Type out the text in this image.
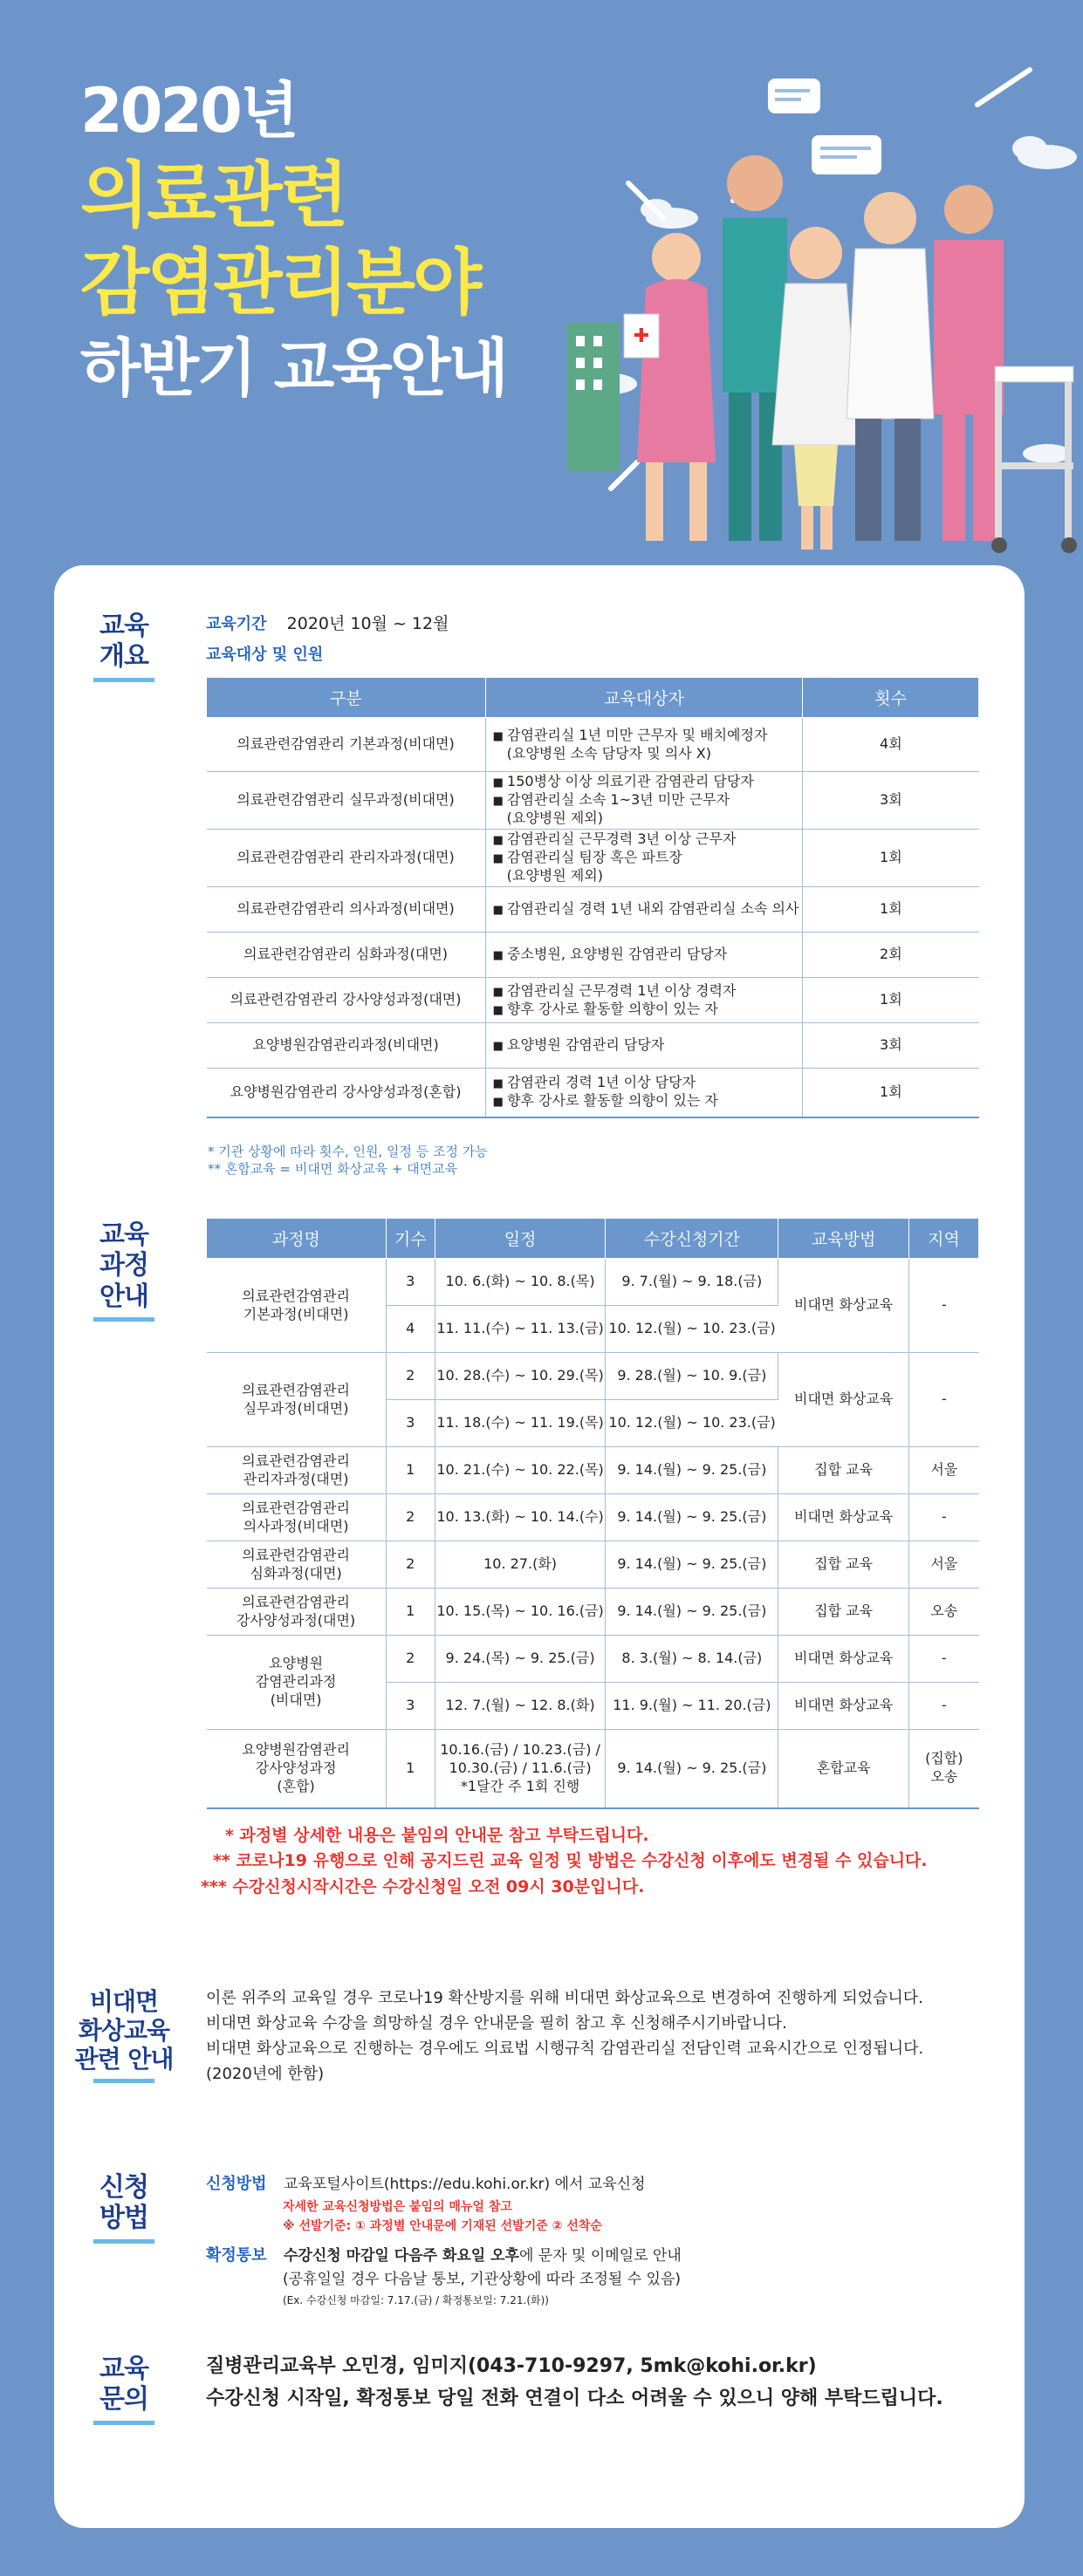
2020년
의료관련
감염관리분야
하반기 교육안내	✚
교육
개요
교육기간 2020년 10월 ~ 12월
교육대상 및 인원
구분	교육대상자	횟수
의료관련감염관리 기본과정(비대면)	■ 감염관리실 1년 미만 근무자 및 배치예정자
(요양병원 소속 담당자 및 의사 X)	4회
의료관련감염관리 실무과정(비대면)	■ 150병상 이상 의료기관 감염관리 담당자
■ 감염관리실 소속 1~3년 미만 근무자
(요양병원 제외)	3회
의료관련감염관리 관리자과정(대면)	■ 감염관리실 근무경력 3년 이상 근무자
■ 감염관리실 팀장 혹은 파트장
(요양병원 제외)	1회
의료관련감염관리 의사과정(비대면)	■ 감염관리실 경력 1년 내외 감염관리실 소속 의사	1회
의료관련감염관리 심화과정(대면)	■ 중소병원, 요양병원 감염관리 담당자	2회
의료관련감염관리 강사양성과정(대면)	■ 감염관리실 근무경력 1년 이상 경력자
■ 향후 강사로 활동할 의향이 있는 자	1회
요양병원감염관리과정(비대면)	■ 요양병원 감염관리 담당자	3회
요양병원감염관리 강사양성과정(혼합)	■ 감염관리 경력 1년 이상 담당자
■ 향후 강사로 활동할 의향이 있는 자	1회
* 기관 상황에 따라 횟수, 인원, 일정 등 조정 가능
** 혼합교육 = 비대면 화상교육 + 대면교육
교육
과정
안내
과정명	기수	일정	수강신청기간	교육방법	지역
의료관련감염관리
기본과정(비대면)	3	10. 6.(화) ~ 10. 8.(목)	9. 7.(월) ~ 9. 18.(금)	비대면 화상교육	-
	4	11. 11.(수) ~ 11. 13.(금)	10. 12.(월) ~ 10. 23.(금)		
의료관련감염관리
실무과정(비대면)	2	10. 28.(수) ~ 10. 29.(목)	9. 28.(월) ~ 10. 9.(금)	비대면 화상교육	-
	3	11. 18.(수) ~ 11. 19.(목)	10. 12.(월) ~ 10. 23.(금)		
의료관련감염관리
관리자과정(대면)	1	10. 21.(수) ~ 10. 22.(목)	9. 14.(월) ~ 9. 25.(금)	집합 교육	서울
의료관련감염관리
의사과정(비대면)	2	10. 13.(화) ~ 10. 14.(수)	9. 14.(월) ~ 9. 25.(금)	비대면 화상교육	-
의료관련감염관리
심화과정(대면)	2	10. 27.(화)	9. 14.(월) ~ 9. 25.(금)	집합 교육	서울
의료관련감염관리
강사양성과정(대면)	1	10. 15.(목) ~ 10. 16.(금)	9. 14.(월) ~ 9. 25.(금)	집합 교육	오송
요양병원
감염관리과정
(비대면)	2	9. 24.(목) ~ 9. 25.(금)	8. 3.(월) ~ 8. 14.(금)	비대면 화상교육	-
	3	12. 7.(월) ~ 12. 8.(화)	11. 9.(월) ~ 11. 20.(금)	비대면 화상교육	-
요양병원감염관리
강사양성과정
(혼합)	1	10.16.(금) / 10.23.(금) /
10.30.(금) / 11.6.(금)
*1달간 주 1회 진행	9. 14.(월) ~ 9. 25.(금)	혼합교육	(집합)
오송
* 과정별 상세한 내용은 붙임의 안내문 참고 부탁드립니다.
** 코로나19 유행으로 인해 공지드린 교육 일정 및 방법은 수강신청 이후에도 변경될 수 있습니다.
*** 수강신청시작시간은 수강신청일 오전 09시 30분입니다.
비대면
화상교육
관련 안내
이론 위주의 교육일 경우 코로나19 확산방지를 위해 비대면 화상교육으로 변경하여 진행하게 되었습니다.
비대면 화상교육 수강을 희망하실 경우 안내문을 필히 참고 후 신청해주시기바랍니다.
비대면 화상교육으로 진행하는 경우에도 의료법 시행규칙 감염관리실 전담인력 교육시간으로 인정됩니다.
(2020년에 한함)
신청
방법
신청방법 교육포털사이트(https://edu.kohi.or.kr) 에서 교육신청
자세한 교육신청방법은 붙임의 매뉴얼 참고
※ 선발기준: ① 과정별 안내문에 기재된 선발기준 ② 선착순
확정통보 수강신청 마감일 다음주 화요일 오후에 문자 및 이메일로 안내
(공휴일일 경우 다음날 통보, 기관상황에 따라 조정될 수 있음)
(Ex. 수강신청 마감일: 7.17.(금) / 확정통보일: 7.21.(화))
교육
문의
질병관리교육부 오민경, 임미지(043-710-9297, 5mk@kohi.or.kr)
수강신청 시작일, 확정통보 당일 전화 연결이 다소 어려울 수 있으니 양해 부탁드립니다.
